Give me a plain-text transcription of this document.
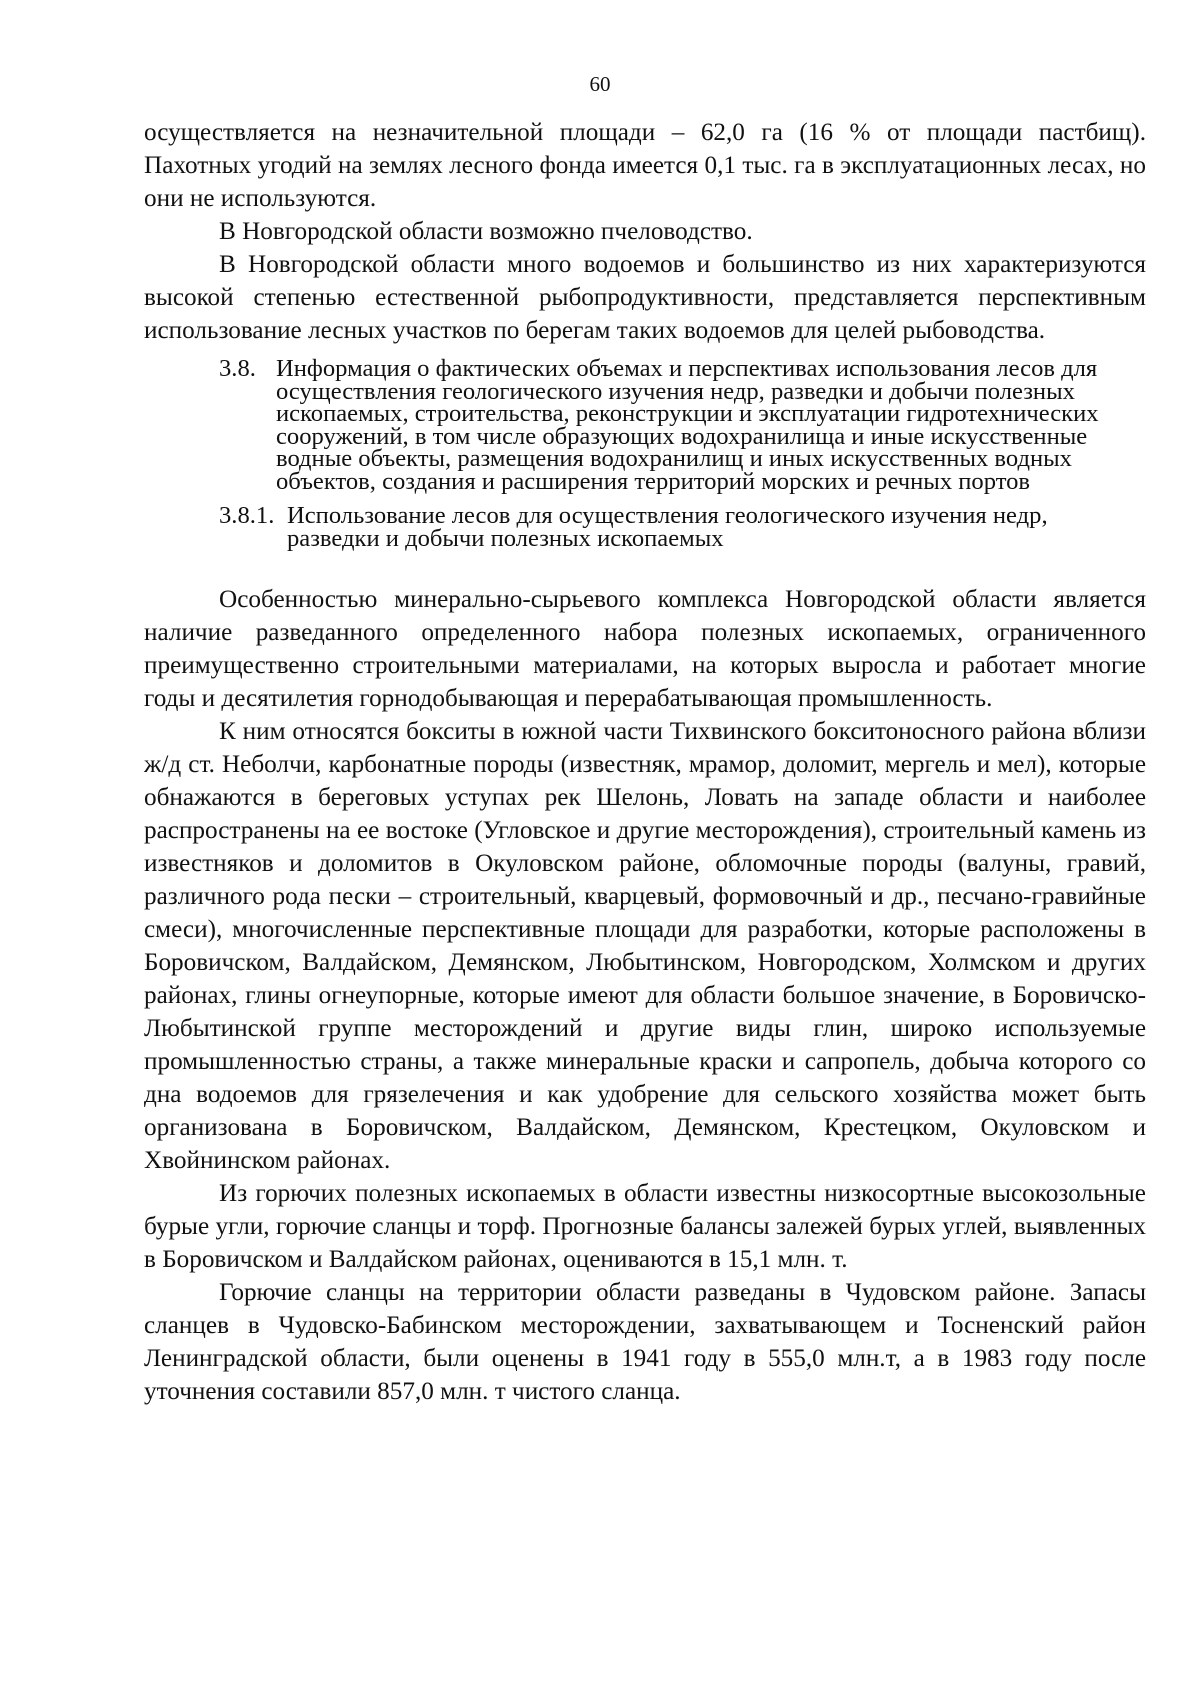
60

осуществляется на незначительной площади – 62,0 га (16 % от площади пастбищ). Пахотных угодий на землях лесного фонда имеется 0,1 тыс. га в эксплуатационных лесах, но они не используются.

В Новгородской области возможно пчеловодство.

В Новгородской области много водоемов и большинство из них характеризуются высокой степенью естественной рыбопродуктивности, представляется перспективным использование лесных участков по берегам таких водоемов для целей рыбоводства.

3.8. Информация о фактических объемах и перспективах использования лесов для осуществления геологического изучения недр, разведки и добычи полезных ископаемых, строительства, реконструкции и эксплуатации гидротехнических сооружений, в том числе образующих водохранилища и иные искусственные водные объекты, размещения водохранилищ и иных искусственных водных объектов, создания и расширения территорий морских и речных портов
3.8.1. Использование лесов для осуществления геологического изучения недр, разведки и добычи полезных ископаемых

Особенностью минерально-сырьевого комплекса Новгородской области является наличие разведанного определенного набора полезных ископаемых, ограниченного преимущественно строительными материалами, на которых выросла и работает многие годы и десятилетия горнодобывающая и перерабатывающая промышленность.

К ним относятся бокситы в южной части Тихвинского бокситоносного района вблизи ж/д ст. Неболчи, карбонатные породы (известняк, мрамор, доломит, мергель и мел), которые обнажаются в береговых уступах рек Шелонь, Ловать на западе области и наиболее распространены на ее востоке (Угловское и другие месторождения), строительный камень из известняков и доломитов в Окуловском районе, обломочные породы (валуны, гравий, различного рода пески – строительный, кварцевый, формовочный и др., песчано-гравийные смеси), многочисленные перспективные площади для разработки, которые расположены в Боровичском, Валдайском, Демянском, Любытинском, Новгородском, Холмском и других районах, глины огнеупорные, которые имеют для области большое значение, в Боровичско-Любытинской группе месторождений и другие виды глин, широко используемые промышленностью страны, а также минеральные краски и сапропель, добыча которого со дна водоемов для грязелечения и как удобрение для сельского хозяйства может быть организована в Боровичском, Валдайском, Демянском, Крестецком, Окуловском и Хвойнинском районах.

Из горючих полезных ископаемых в области известны низкосортные высокозольные бурые угли, горючие сланцы и торф. Прогнозные балансы залежей бурых углей, выявленных в Боровичском и Валдайском районах, оцениваются в 15,1 млн. т.

Горючие сланцы на территории области разведаны в Чудовском районе. Запасы сланцев в Чудовско-Бабинском месторождении, захватывающем и Тосненский район Ленинградской области, были оценены в 1941 году в 555,0 млн.т, а в 1983 году после уточнения составили 857,0 млн. т чистого сланца.
